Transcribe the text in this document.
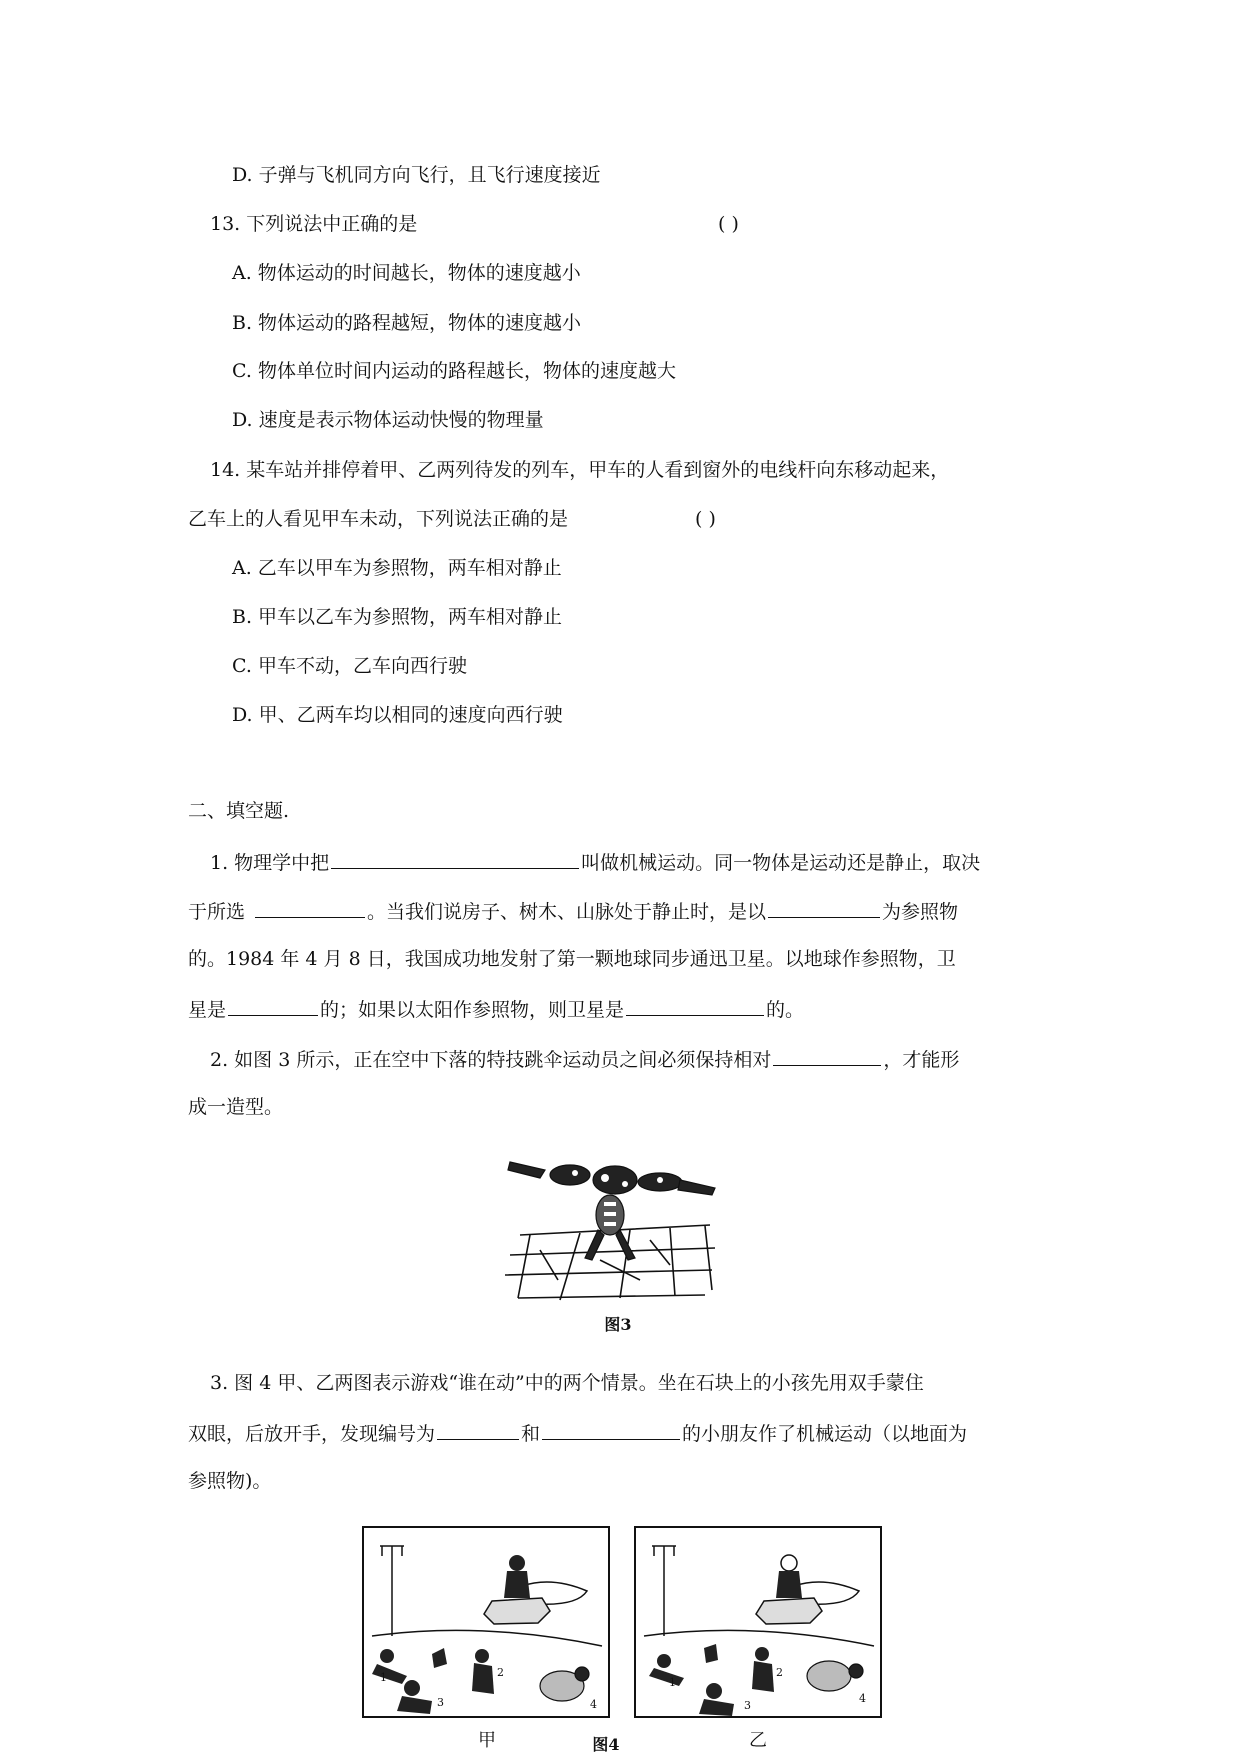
D. 子弹与飞机同方向飞行，且飞行速度接近
13. 下列说法中正确的是	( )
A. 物体运动的时间越长，物体的速度越小
B. 物体运动的路程越短，物体的速度越小
C. 物体单位时间内运动的路程越长，物体的速度越大
D. 速度是表示物体运动快慢的物理量
14. 某车站并排停着甲、乙两列待发的列车，甲车的人看到窗外的电线杆向东移动起来，
乙车上的人看见甲车未动，下列说法正确的是	( )
A. 乙车以甲车为参照物，两车相对静止
B. 甲车以乙车为参照物，两车相对静止
C. 甲车不动，乙车向西行驶
D. 甲、乙两车均以相同的速度向西行驶
二、填空题.
1. 物理学中把	叫做机械运动。同一物体是运动还是静止，取决
于所选	。当我们说房子、树木、山脉处于静止时，是以	为参照物
的。1984 年 4 月 8 日，我国成功地发射了第一颗地球同步通迅卫星。以地球作参照物，卫
星是	的；如果以太阳作参照物，则卫星是	的。
2. 如图 3 所示，正在空中下落的特技跳伞运动员之间必须保持相对	，才能形
成一造型。
图3
3. 图 4 甲、乙两图表示游戏“谁在动”中的两个情景。坐在石块上的小孩先用双手蒙住
双眼，后放开手，发现编号为	和	的小朋友作了机械运动（以地面为
参照物)。
1	2
3	4
甲
1
2
3
4
乙
图4
